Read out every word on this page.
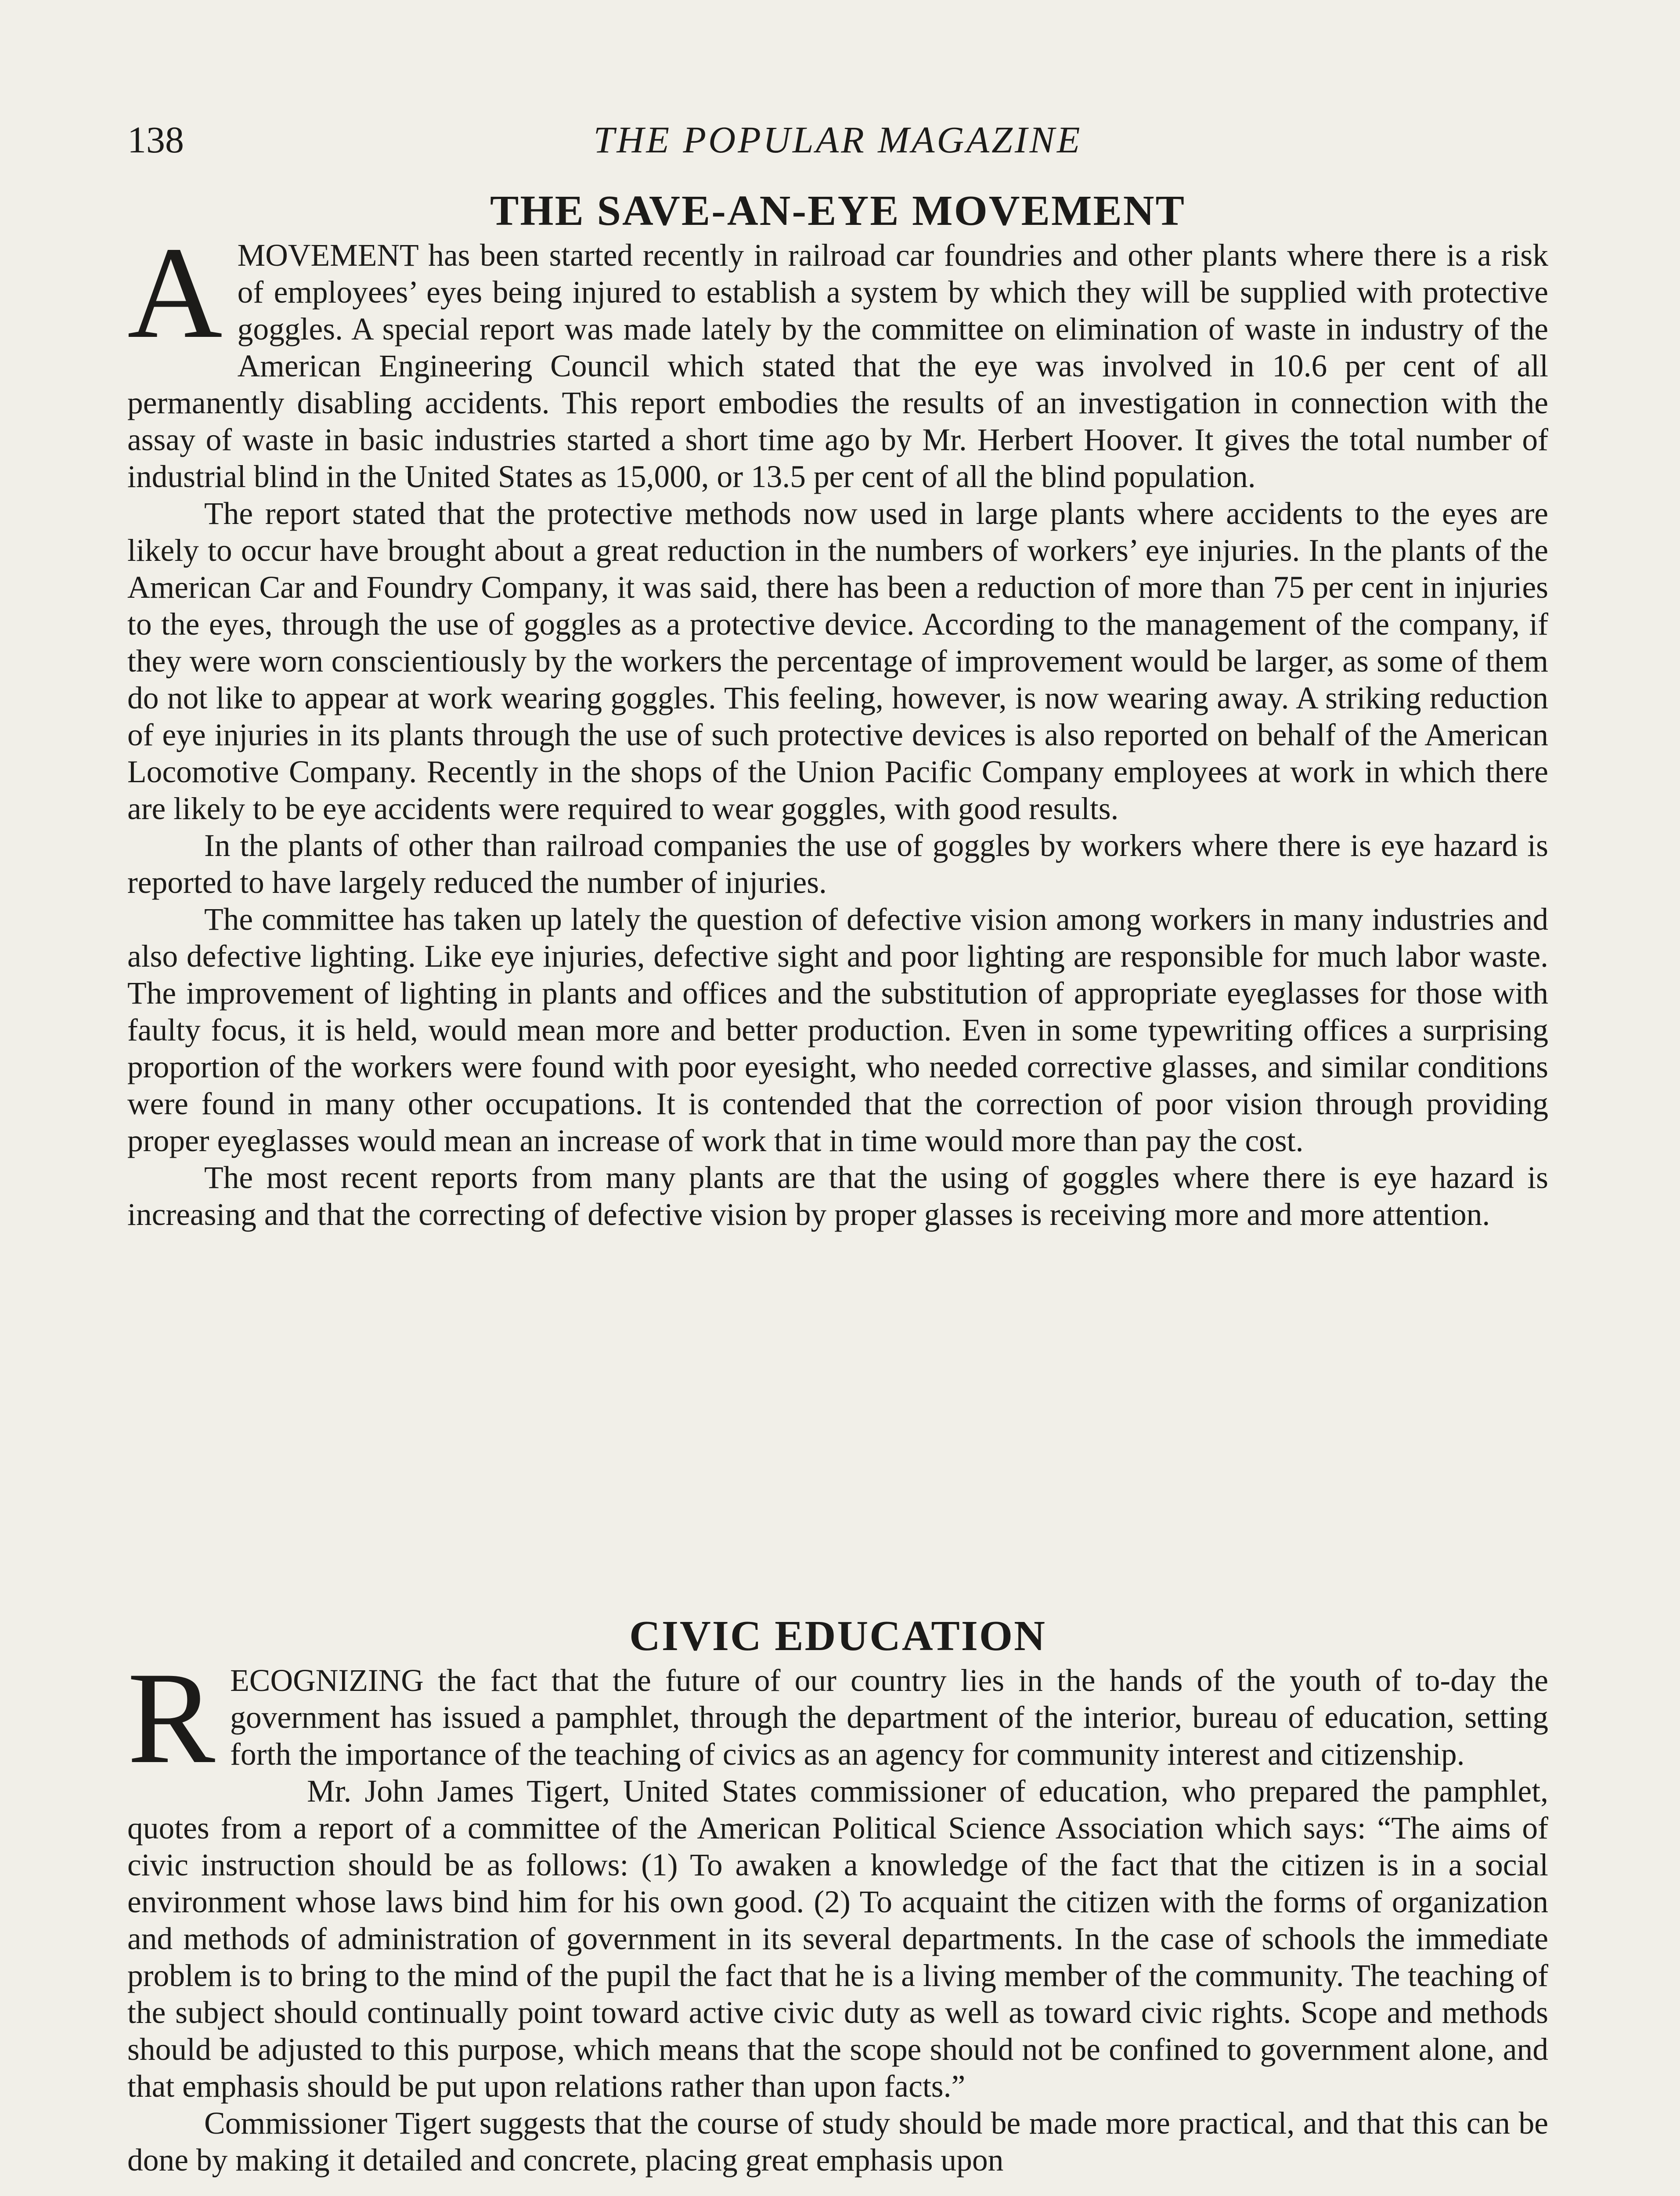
138	THE POPULAR MAGAZINE
THE SAVE-AN-EYE MOVEMENT

AMOVEMENT has been started recently in railroad car foundries and other plants where there is a risk of employees’ eyes being injured to establish a system by which they will be supplied with protective goggles. A special report was made lately by the committee on elimination of waste in industry of the American Engineering Council which stated that the eye was involved in 10.6 per cent of all permanently disabling accidents. This report embodies the results of an investigation in connection with the assay of waste in basic industries started a short time ago by Mr. Herbert Hoover. It gives the total number of industrial blind in the United States as 15,000, or 13.5 per cent of all the blind population.

The report stated that the protective methods now used in large plants where accidents to the eyes are likely to occur have brought about a great reduction in the numbers of workers’ eye injuries. In the plants of the American Car and Foundry Company, it was said, there has been a reduction of more than 75 per cent in injuries to the eyes, through the use of goggles as a protective device. According to the management of the company, if they were worn conscientiously by the workers the percentage of improvement would be larger, as some of them do not like to appear at work wearing goggles. This feeling, however, is now wearing away. A striking reduction of eye injuries in its plants through the use of such protective devices is also reported on behalf of the American Locomotive Company. Recently in the shops of the Union Pacific Company employees at work in which there are likely to be eye accidents were required to wear goggles, with good results.

In the plants of other than railroad companies the use of goggles by workers where there is eye hazard is reported to have largely reduced the number of injuries.

The committee has taken up lately the question of defective vision among workers in many industries and also defective lighting. Like eye injuries, defective sight and poor lighting are responsible for much labor waste. The improvement of lighting in plants and offices and the substitution of appropriate eyeglasses for those with faulty focus, it is held, would mean more and better production. Even in some typewriting offices a surprising proportion of the workers were found with poor eyesight, who needed corrective glasses, and similar conditions were found in many other occupations. It is contended that the correction of poor vision through providing proper eyeglasses would mean an increase of work that in time would more than pay the cost.

The most recent reports from many plants are that the using of goggles where there is eye hazard is increasing and that the correcting of defective vision by proper glasses is receiving more and more attention.

CIVIC EDUCATION

RECOGNIZING the fact that the future of our country lies in the hands of the youth of to-day the government has issued a pamphlet, through the department of the interior, bureau of education, setting forth the importance of the teaching of civics as an agency for community interest and citizenship.

Mr. John James Tigert, United States commissioner of education, who prepared the pamphlet, quotes from a report of a committee of the American Political Science Association which says: “The aims of civic instruction should be as follows: (1) To awaken a knowledge of the fact that the citizen is in a social environment whose laws bind him for his own good. (2) To acquaint the citizen with the forms of organization and methods of administration of government in its several departments. In the case of schools the immediate problem is to bring to the mind of the pupil the fact that he is a living member of the community. The teaching of the subject should continually point toward active civic duty as well as toward civic rights. Scope and methods should be adjusted to this purpose, which means that the scope should not be confined to government alone, and that emphasis should be put upon relations rather than upon facts.”

Commissioner Tigert suggests that the course of study should be made more practical, and that this can be done by making it detailed and concrete, placing great emphasis upon
